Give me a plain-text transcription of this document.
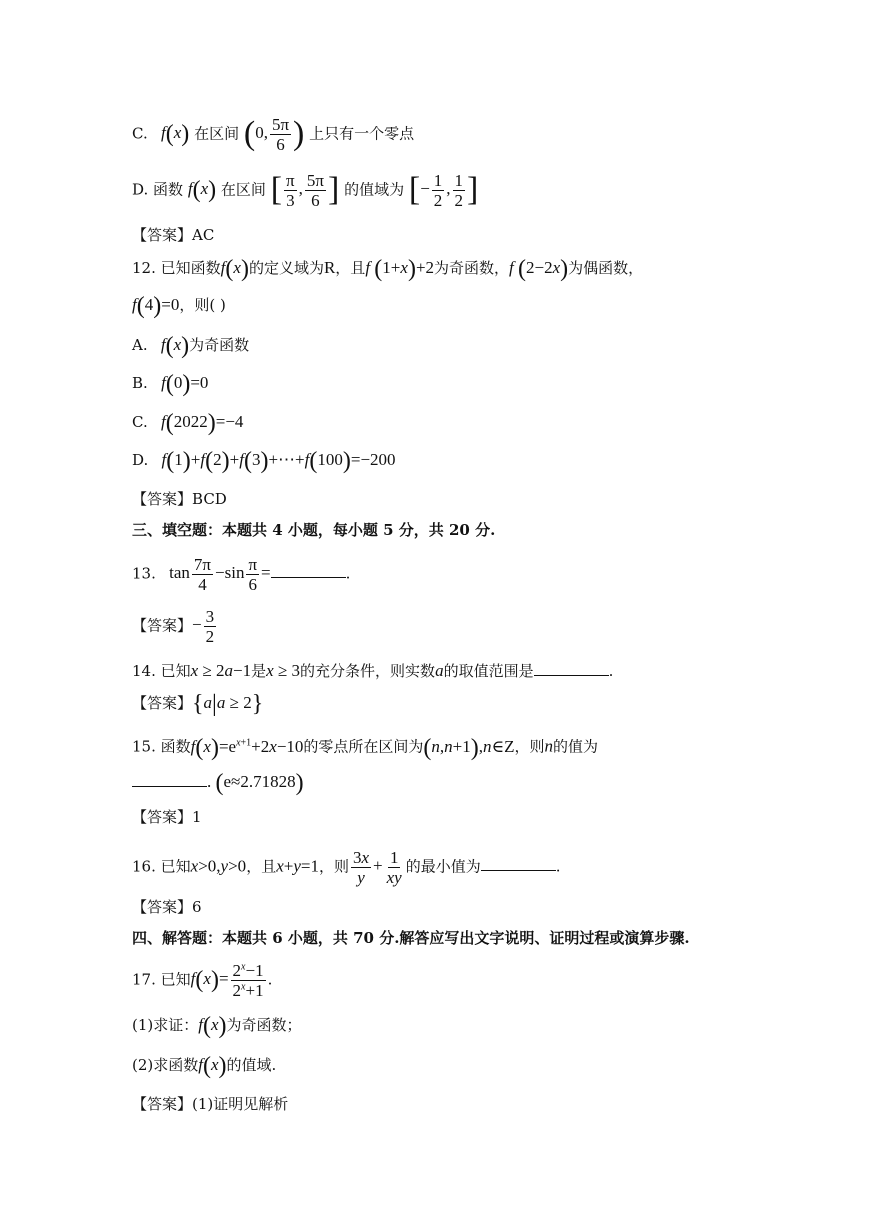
C. f(x) 在区间 (0, $\frac{5\pi}{6}$ ) 上只有一个零点
D. 函数 f(x) 在区间 [ $\frac{\pi}{3}$ , $\frac{5\pi}{6}$ ] 的值域为 [− $\frac{1}{2}$ , $\frac{1}{2}$ ]
【答案】AC
12. 已知函数f(x)的定义域为R，且f (1+x)+2为奇函数，f (2−2x)为偶函数，
f(4)=0，则( )
A. f(x)为奇函数
B. f(0)=0
C. f(2022)=−4
D. f(1)+f(2)+f(3)+⋯+f(100)=−200
【答案】BCD
三、填空题：本题共 4 小题，每小题 5 分，共 20 分.
13.   $\tan \frac{7\pi}{4} -\sin \frac{\pi}{6}$ =	.
【答案】− $\frac{3}{2}$
14. 已知x ≥ 2a−1是x ≥ 3的充分条件，则实数a的取值范围是	.
【答案】{a|a ≥ 2}
15. 函数$f(x)=e^{x+1}+2x-10$的零点所在区间为(n,n+1),n∈Z，则n的值为
. (e≈2.71828)
【答案】1
16. 已知x>0,y>0，且x+y=1，则 $\frac{3x}{y} + \frac{1}{xy}$ 的最小值为	.
【答案】6
四、解答题：本题共 6 小题，共 70 分.解答应写出文字说明、证明过程或演算步骤.
17. 已知$f(x)= \frac{2^x-1}{2^x+1}$ .
(1)求证：f(x)为奇函数；
(2)求函数f(x)的值域.
【答案】(1)证明见解析
